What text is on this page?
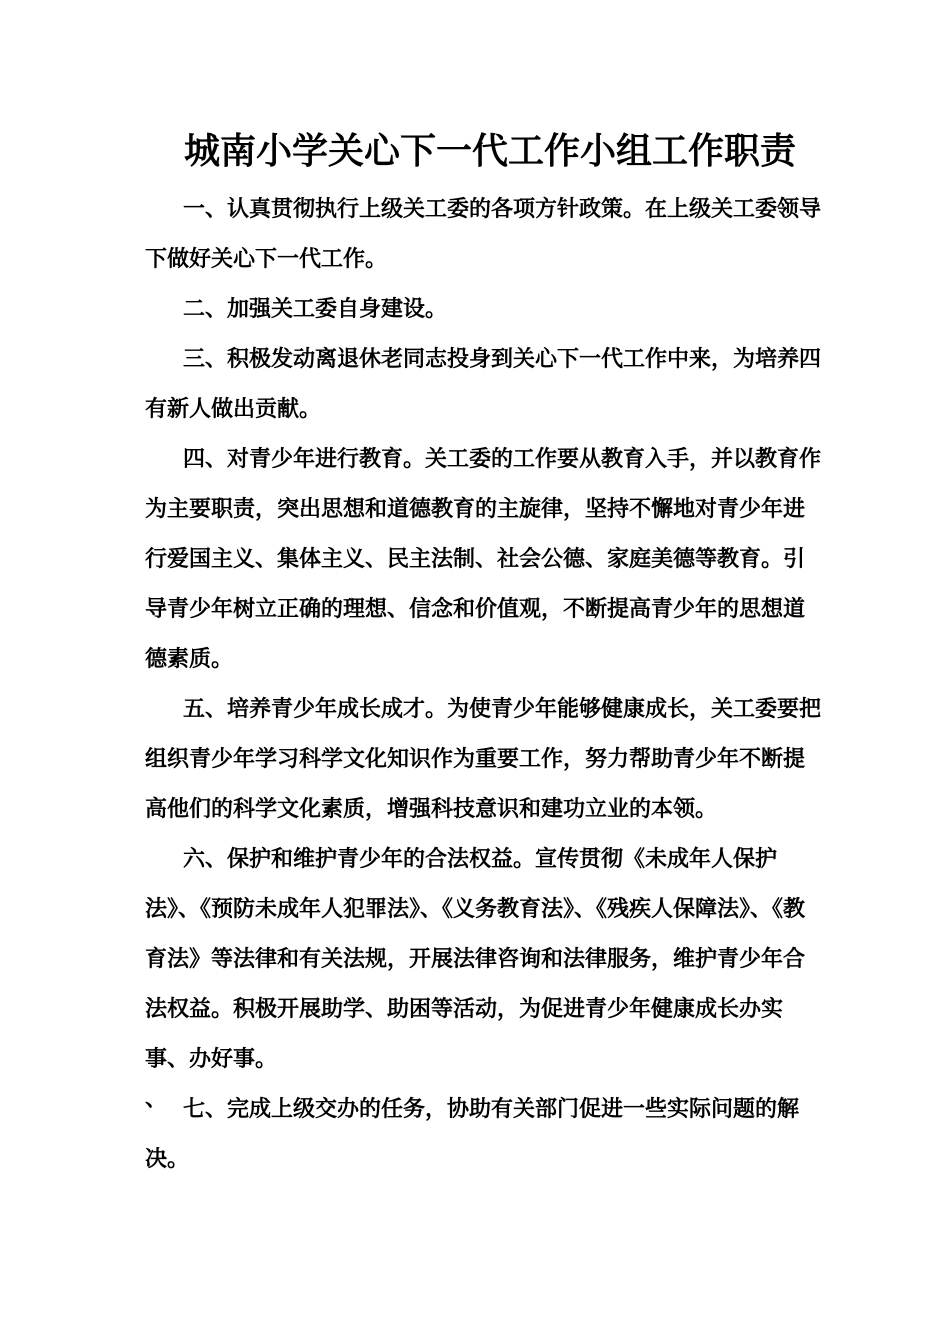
城南小学关心下一代工作小组工作职责

一、认真贯彻执行上级关工委的各项方针政策。在上级关工委领导下做好关心下一代工作。

二、加强关工委自身建设。

三、积极发动离退休老同志投身到关心下一代工作中来，为培养四有新人做出贡献。

四、对青少年进行教育。关工委的工作要从教育入手，并以教育作为主要职责，突出思想和道德教育的主旋律，坚持不懈地对青少年进行爱国主义、集体主义、民主法制、社会公德、家庭美德等教育。引导青少年树立正确的理想、信念和价值观，不断提高青少年的思想道德素质。

五、培养青少年成长成才。为使青少年能够健康成长，关工委要把组织青少年学习科学文化知识作为重要工作，努力帮助青少年不断提高他们的科学文化素质，增强科技意识和建功立业的本领。

六、保护和维护青少年的合法权益。宣传贯彻《未成年人保护法》、《预防未成年人犯罪法》、《义务教育法》、《残疾人保障法》、《教育法》等法律和有关法规，开展法律咨询和法律服务，维护青少年合法权益。积极开展助学、助困等活动，为促进青少年健康成长办实事、办好事。

七、完成上级交办的任务，协助有关部门促进一些实际问题的解决。

、
